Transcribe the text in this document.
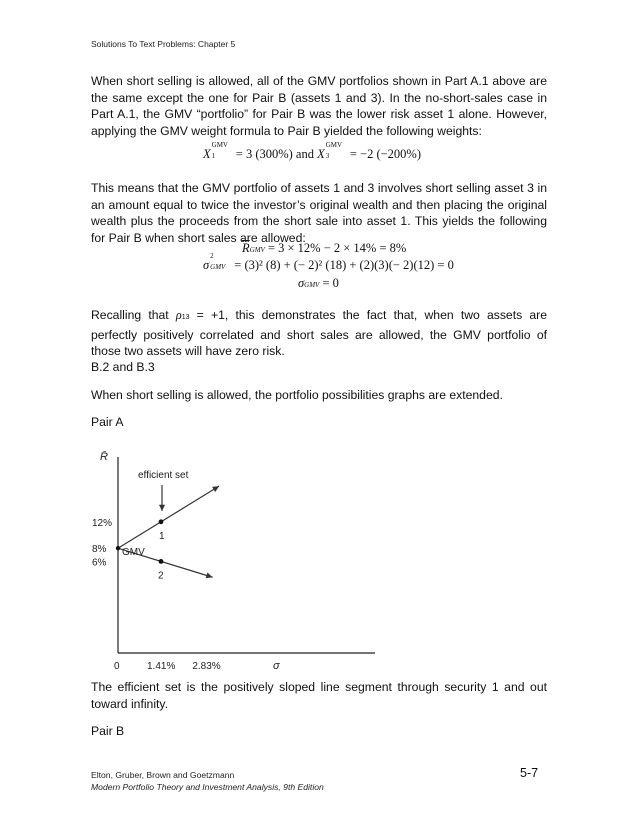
Solutions To Text Problems: Chapter 5

When short selling is allowed, all of the GMV portfolios shown in Part A.1 above are the same except the one for Pair B (assets 1 and 3). In the no-short-sales case in Part A.1, the GMV “portfolio” for Pair B was the lower risk asset 1 alone. However, applying the GMV weight formula to Pair B yielded the following weights:

X
GMV
1 = 3 (300%) and X
GMV
3 = −2 (−200%)

This means that the GMV portfolio of assets 1 and 3 involves short selling asset 3 in an amount equal to twice the investor’s original wealth and then placing the original wealth plus the proceeds from the short sale into asset 1. This yields the following for Pair B when short sales are allowed:

$\overline{R}GMV = 3 \times 12\% - 2 \times 14\% = 8\%$
σ
2
GMV = (3)² (8) + (− 2)² (18) + (2)(3)(− 2)(12) = 0
σGMV = 0

Recalling that ρ13 = +1, this demonstrates the fact that, when two assets are perfectly positively correlated and short sales are allowed, the GMV portfolio of those two assets will have zero risk.

B.2 and B.3

When short selling is allowed, the portfolio possibilities graphs are extended.

Pair A

R̄
σ
12%
8%
6%
0	1.41% 2.83%
1
2
GMV
efficient set

The efficient set is the positively sloped line segment through security 1 and out toward infinity.

Pair B

Elton, Gruber, Brown and Goetzmann
Modern Portfolio Theory and Investment Analysis, 9th Edition
5-7
